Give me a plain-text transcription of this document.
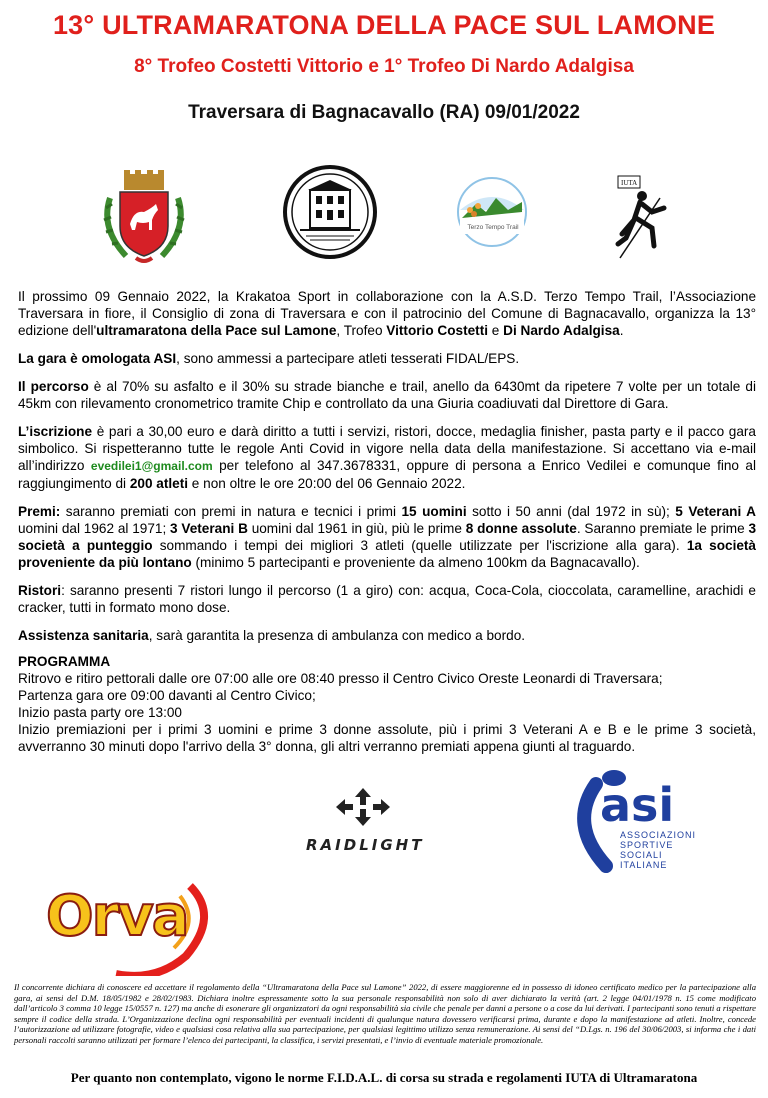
13° ULTRAMARATONA DELLA PACE SUL LAMONE
8° Trofeo Costetti Vittorio e 1° Trofeo Di Nardo Adalgisa
Traversara di Bagnacavallo (RA) 09/01/2022
Terzo Tempo Trail
IUTA

Il prossimo 09 Gennaio 2022, la Krakatoa Sport in collaborazione con la A.S.D. Terzo Tempo Trail, l’Associazione Traversara in fiore, il Consiglio di zona di Traversara e con il patrocinio del Comune di Bagnacavallo, organizza la 13° edizione dell'ultramaratona della Pace sul Lamone, Trofeo Vittorio Costetti e Di Nardo Adalgisa.

La gara è omologata ASI, sono ammessi a partecipare atleti tesserati FIDAL/EPS.

Il percorso è al 70% su asfalto e il 30% su strade bianche e trail, anello da 6430mt da ripetere 7 volte per un totale di 45km con rilevamento cronometrico tramite Chip e controllato da una Giuria coadiuvati dal Direttore di Gara.

L’iscrizione è pari a 30,00 euro e darà diritto a tutti i servizi, ristori, docce, medaglia finisher, pasta party e il pacco gara simbolico. Si rispetteranno tutte le regole Anti Covid in vigore nella data della manifestazione. Si accettano via e-mail all’indirizzo evedilei1@gmail.com per telefono al 347.3678331, oppure di persona a Enrico Vedilei e comunque fino al raggiungimento di 200 atleti e non oltre le ore 20:00 del 06 Gennaio 2022.

Premi: saranno premiati con premi in natura e tecnici i primi 15 uomini sotto i 50 anni (dal 1972 in sù); 5 Veterani A uomini dal 1962 al 1971; 3 Veterani B uomini dal 1961 in giù, più le prime 8 donne assolute. Saranno premiate le prime 3 società a punteggio sommando i tempi dei migliori 3 atleti (quelle utilizzate per l'iscrizione alla gara). 1a società proveniente da più lontano (minimo 5 partecipanti e proveniente da almeno 100km da Bagnacavallo).

Ristori: saranno presenti 7 ristori lungo il percorso (1 a giro) con: acqua, Coca-Cola, cioccolata, caramelline, arachidi e cracker, tutti in formato mono dose.

Assistenza sanitaria, sarà garantita la presenza di ambulanza con medico a bordo.

PROGRAMMA
Ritrovo e ritiro pettorali dalle ore 07:00 alle ore 08:40 presso il Centro Civico Oreste Leonardi di Traversara;
Partenza gara ore 09:00 davanti al Centro Civico;
Inizio pasta party ore 13:00
Inizio premiazioni per i primi 3 uomini e prime 3 donne assolute, più i primi 3 Veterani A e B e le prime 3 società, avverranno 30 minuti dopo l'arrivo della 3° donna, gli altri verranno premiati appena giunti al traguardo.
RAIDLIGHT
asi
ASSOCIAZIONI
SPORTIVE
SOCIALI
ITALIANE
Orva
Il concorrente dichiara di conoscere ed accettare il regolamento della “Ultramaratona della Pace sul Lamone” 2022, di essere maggiorenne ed in possesso di idoneo certificato medico per la partecipazione alla gara, ai sensi del D.M. 18/05/1982 e 28/02/1983. Dichiara inoltre espressamente sotto la sua personale responsabilità non solo di aver dichiarato la verità (art. 2 legge 04/01/1978 n. 15 come modificato dall’articolo 3 comma 10 legge 15/0557 n. 127) ma anche di esonerare gli organizzatori da ogni responsabilità sia civile che penale per danni a persone o a cose da lui derivati. I partecipanti sono tenuti a rispettare sempre il codice della strada. L’Organizzazione declina ogni responsabilità per eventuali incidenti di qualunque natura dovessero verificarsi prima, durante e dopo la manifestazione ad atleti. Inoltre, concede l’autorizzazione ad utilizzare fotografie, video e qualsiasi cosa relativa alla sua partecipazione, per qualsiasi legittimo utilizzo senza remunerazione. Ai sensi del “D.Lgs. n. 196 del 30/06/2003, si informa che i dati personali raccolti saranno utilizzati per formare l’elenco dei partecipanti, la classifica, i servizi presentati, e l’invio di eventuale materiale promozionale.
Per quanto non contemplato, vigono le norme F.I.D.A.L. di corsa su strada e regolamenti IUTA di Ultramaratona
